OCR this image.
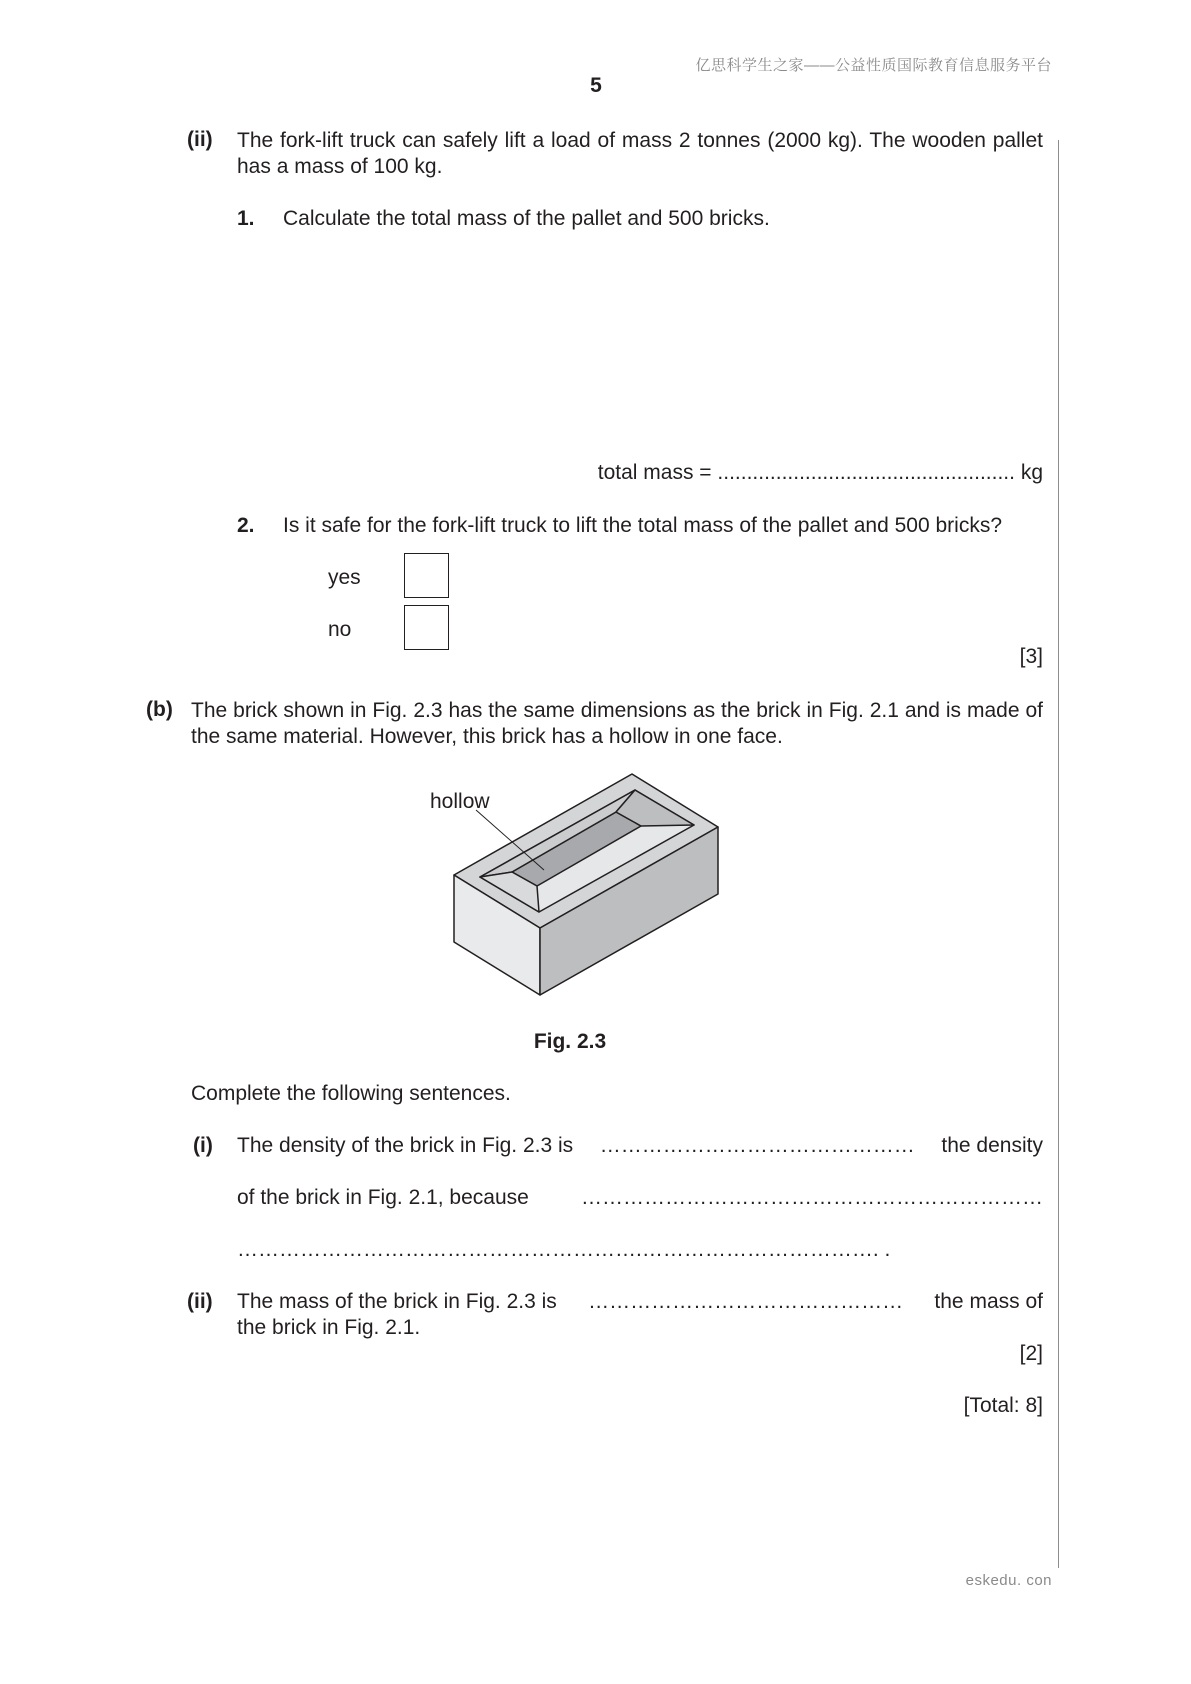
亿思科学生之家——公益性质国际教育信息服务平台
5
(ii) The fork-lift truck can safely lift a load of mass 2 tonnes (2000 kg). The wooden pallet has a mass of 100 kg.
1. Calculate the total mass of the pallet and 500 bricks.
total mass = ................................................... kg
2. Is it safe for the fork-lift truck to lift the total mass of the pallet and 500 bricks?
yes
no
[3]
(b) The brick shown in Fig. 2.3 has the same dimensions as the brick in Fig. 2.1 and is made of the same material. However, this brick has a hollow in one face.
hollow
Fig. 2.3
Complete the following sentences.
(i) The density of the brick in Fig. 2.3 is ……………………………………… the density
of the brick in Fig. 2.1, because …………………………………………………………
………………………………………………….……………………………. .
(ii) The mass of the brick in Fig. 2.3 is ……………………………………… the mass of
the brick in Fig. 2.1.
[2]
[Total: 8]
eskedu. con
